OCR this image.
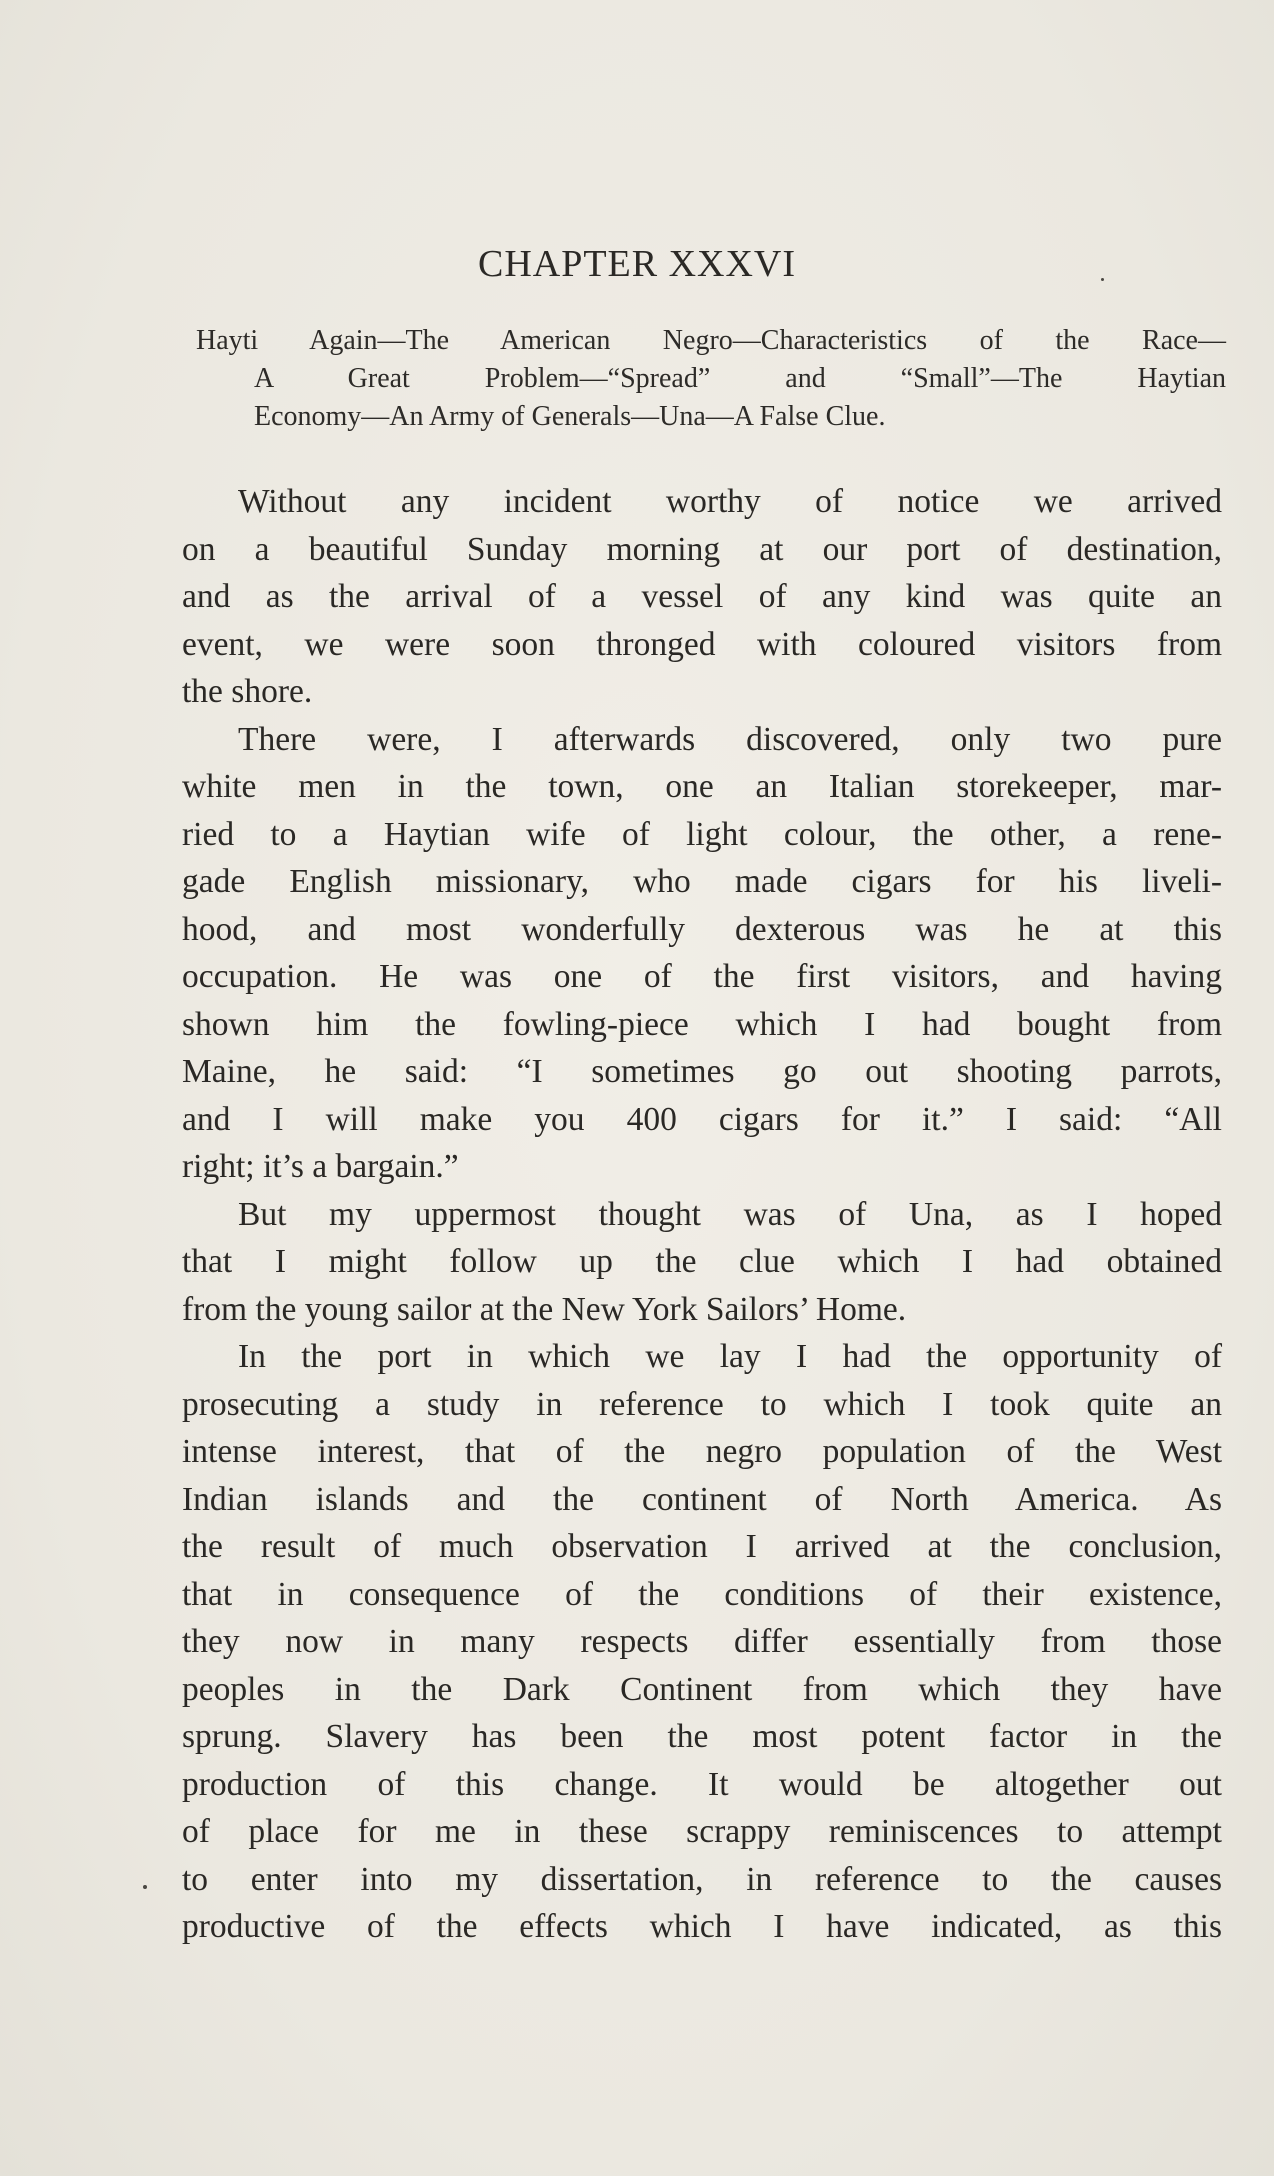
CHAPTER XXXVI
Hayti Again—The American Negro—Characteristics of the Race—
A Great Problem—“Spread” and “Small”—The Haytian
Economy—An Army of Generals—Una—A False Clue.
Without any incident worthy of notice we arrived
on a beautiful Sunday morning at our port of destination,
and as the arrival of a vessel of any kind was quite an
event, we were soon thronged with coloured visitors from
the shore.
There were, I afterwards discovered, only two pure
white men in the town, one an Italian storekeeper, mar-
ried to a Haytian wife of light colour, the other, a rene-
gade English missionary, who made cigars for his liveli-
hood, and most wonderfully dexterous was he at this
occupation. He was one of the first visitors, and having
shown him the fowling-piece which I had bought from
Maine, he said: “I sometimes go out shooting parrots,
and I will make you 400 cigars for it.” I said: “All
right; it’s a bargain.”
But my uppermost thought was of Una, as I hoped
that I might follow up the clue which I had obtained
from the young sailor at the New York Sailors’ Home.
In the port in which we lay I had the opportunity of
prosecuting a study in reference to which I took quite an
intense interest, that of the negro population of the West
Indian islands and the continent of North America. As
the result of much observation I arrived at the conclusion,
that in consequence of the conditions of their existence,
they now in many respects differ essentially from those
peoples in the Dark Continent from which they have
sprung. Slavery has been the most potent factor in the
production of this change. It would be altogether out
of place for me in these scrappy reminiscences to attempt
to enter into my dissertation, in reference to the causes
productive of the effects which I have indicated, as this
